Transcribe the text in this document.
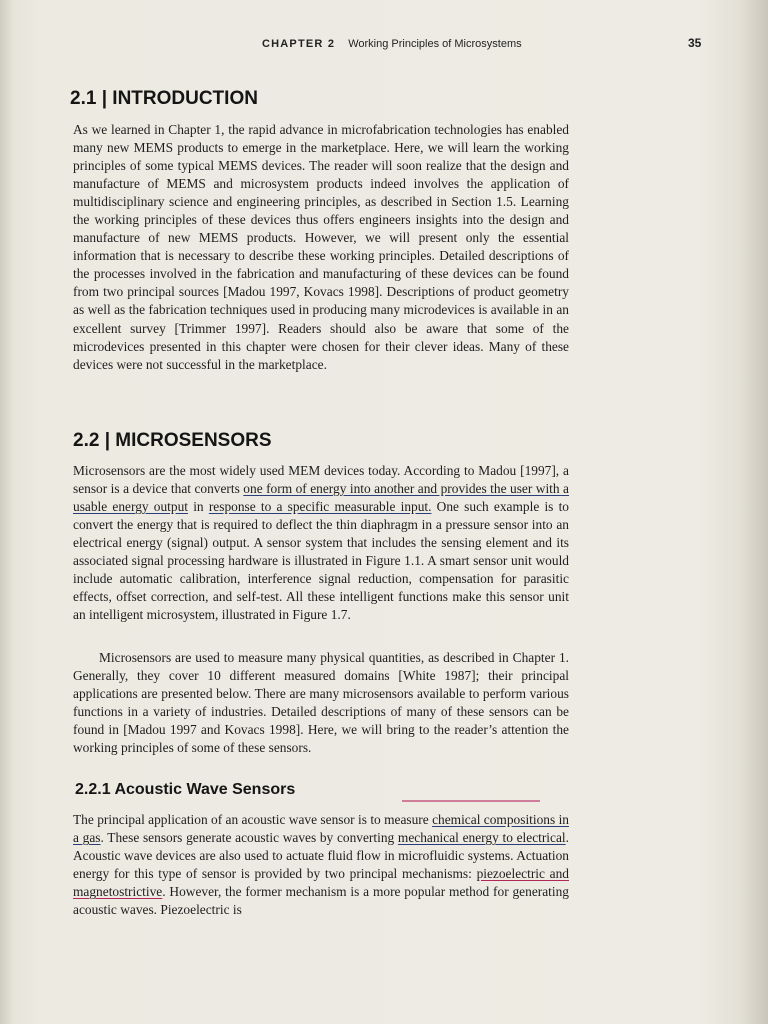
CHAPTER 2 Working Principles of Microsystems	35
2.1 | INTRODUCTION

As we learned in Chapter 1, the rapid advance in microfabrication technologies has enabled many new MEMS products to emerge in the marketplace. Here, we will learn the working principles of some typical MEMS devices. The reader will soon realize that the design and manufacture of MEMS and microsystem products indeed involves the application of multidisciplinary science and engineering principles, as described in Section 1.5. Learning the working principles of these devices thus offers engineers insights into the design and manufacture of new MEMS products. However, we will present only the essential information that is necessary to describe these working principles. Detailed descriptions of the processes involved in the fabrication and manufacturing of these devices can be found from two principal sources [Madou 1997, Kovacs 1998]. Descriptions of product geometry as well as the fabrication techniques used in producing many microdevices is available in an excellent survey [Trimmer 1997]. Readers should also be aware that some of the microdevices presented in this chapter were chosen for their clever ideas. Many of these devices were not successful in the marketplace.

2.2 | MICROSENSORS

Microsensors are the most widely used MEM devices today. According to Madou [1997], a sensor is a device that converts one form of energy into another and provides the user with a usable energy output in response to a specific measurable input. One such example is to convert the energy that is required to deflect the thin diaphragm in a pressure sensor into an electrical energy (signal) output. A sensor system that includes the sensing element and its associated signal processing hardware is illustrated in Figure 1.1. A smart sensor unit would include automatic calibration, interference signal reduction, compensation for parasitic effects, offset correction, and self-test. All these intelligent functions make this sensor unit an intelligent microsystem, illustrated in Figure 1.7.

Microsensors are used to measure many physical quantities, as described in Chapter 1. Generally, they cover 10 different measured domains [White 1987]; their principal applications are presented below. There are many microsensors available to perform various functions in a variety of industries. Detailed descriptions of many of these sensors can be found in [Madou 1997 and Kovacs 1998]. Here, we will bring to the reader’s attention the working principles of some of these sensors.

2.2.1 Acoustic Wave Sensors

The principal application of an acoustic wave sensor is to measure chemical compositions in a gas. These sensors generate acoustic waves by converting mechanical energy to electrical. Acoustic wave devices are also used to actuate fluid flow in microfluidic systems. Actuation energy for this type of sensor is provided by two principal mechanisms: piezoelectric and magnetostrictive. However, the former mechanism is a more popular method for generating acoustic waves. Piezoelectric is
